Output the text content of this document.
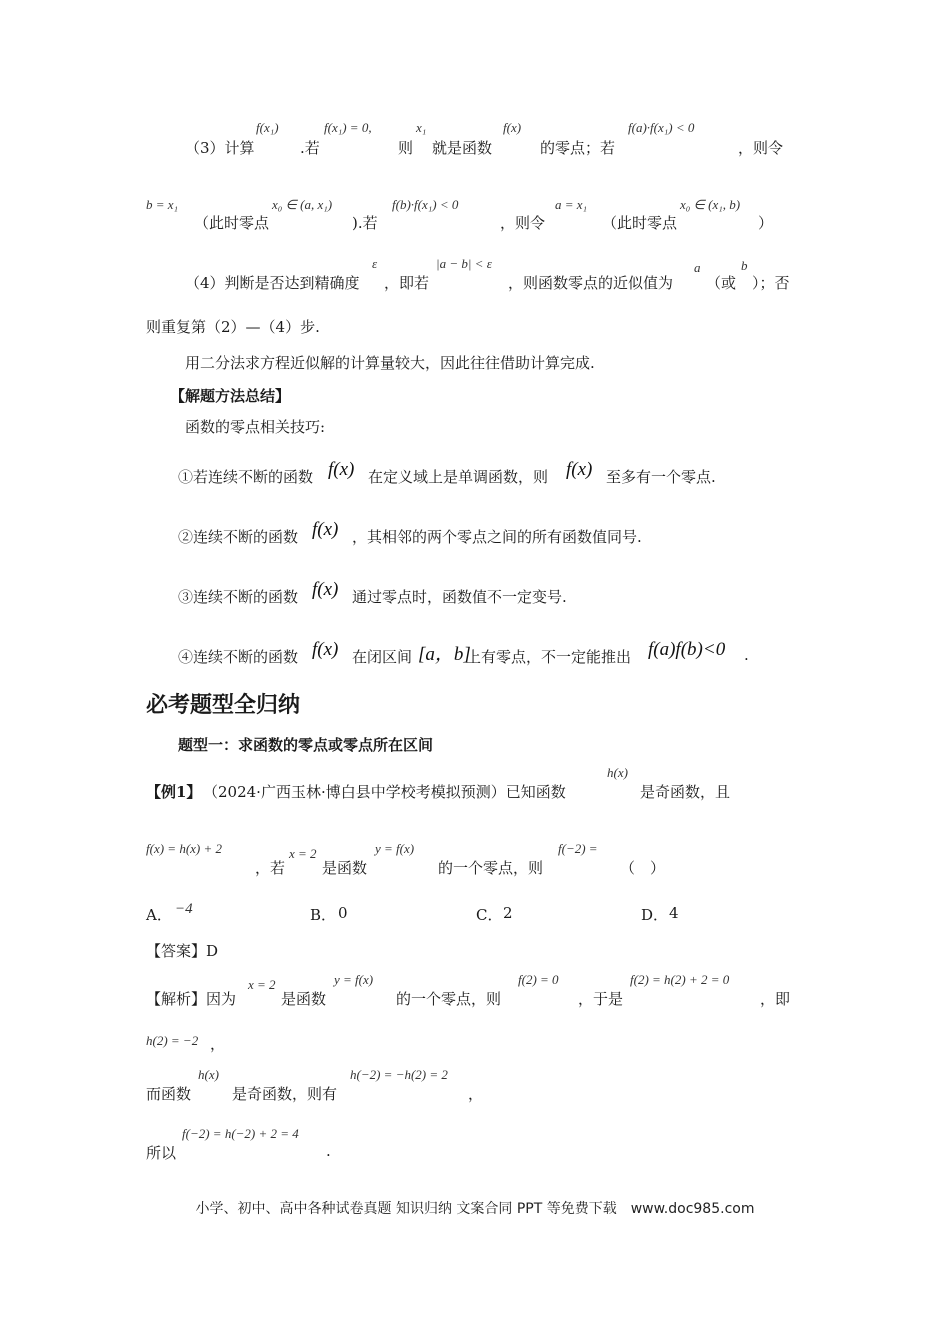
（3）计算
f(x₁)
.若
f(x₁) = 0,
则
x₁
就是函数
f(x)
的零点；若
f(a)·f(x₁) < 0
，则令
b = x₁
（此时零点
x₀ ∈ (a, x₁)
).若
f(b)·f(x₁) < 0
，则令
a = x₁
（此时零点
x₀ ∈ (x₁, b)
）
（4）判断是否达到精确度
ε
，即若
|a − b| < ε
，则函数零点的近似值为
a
（或
b
）；否
则重复第（2）—（4）步.
用二分法求方程近似解的计算量较大，因此往往借助计算完成.
【解题方法总结】
函数的零点相关技巧:
①若连续不断的函数 f(x) 在定义域上是单调函数，则 f(x) 至多有一个零点.
②连续不断的函数 f(x) ，其相邻的两个零点之间的所有函数值同号.
③连续不断的函数 f(x) 通过零点时，函数值不一定变号.
④连续不断的函数 f(x) 在闭区间 [a，b]
上有零点，不一定能推出 f(a)f(b)<0 .
必考题型全归纳
题型一：求函数的零点或零点所在区间
【例1】 （2024·广西玉林·博白县中学校考模拟预测）已知函数
h(x)
是奇函数，且
f(x) = h(x) + 2
，若
x = 2
是函数
y = f(x)
的一个零点，则
f(−2) =
（　）
A． −4	B． 0	C． 2	D． 4
【答案】D
【解析】因为
x = 2
是函数
y = f(x)
的一个零点，则
f(2) = 0
，于是
f(2) = h(2) + 2 = 0
，即
h(2) = −2 ，
而函数
h(x)
是奇函数，则有
h(−2) = −h(2) = 2
，
所以
f(−2) = h(−2) + 2 = 4
.
小学、初中、高中各种试卷真题 知识归纳 文案合同 PPT 等免费下载　www.doc985.com
